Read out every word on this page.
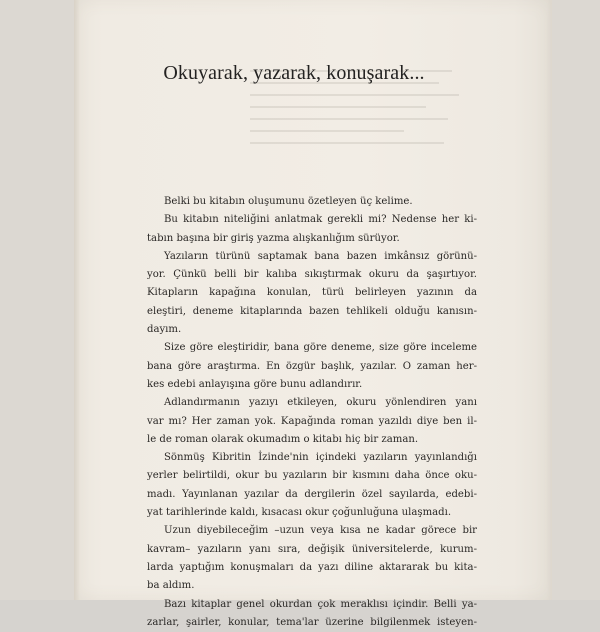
Okuyarak, yazarak, konuşarak...
Belki bu kitabın oluşumunu özetleyen üç kelime.
Bu kitabın niteliğini anlatmak gerekli mi? Nedense her ki-
tabın başına bir giriş yazma alışkanlığım sürüyor.
Yazıların türünü saptamak bana bazen imkânsız görünü-
yor. Çünkü belli bir kalıba sıkıştırmak okuru da şaşırtıyor.
Kitapların kapağına konulan, türü belirleyen yazının da
eleştiri, deneme kitaplarında bazen tehlikeli olduğu kanısın-
dayım.
Size göre eleştiridir, bana göre deneme, size göre inceleme
bana göre araştırma. En özgür başlık, yazılar. O zaman her-
kes edebi anlayışına göre bunu adlandırır.
Adlandırmanın yazıyı etkileyen, okuru yönlendiren yanı
var mı? Her zaman yok. Kapağında roman yazıldı diye ben il-
le de roman olarak okumadım o kitabı hiç bir zaman.
Sönmüş Kibritin İzinde'nin içindeki yazıların yayınlandığı
yerler belirtildi, okur bu yazıların bir kısmını daha önce oku-
madı. Yayınlanan yazılar da dergilerin özel sayılarda, edebi-
yat tarihlerinde kaldı, kısacası okur çoğunluğuna ulaşmadı.
Uzun diyebileceğim –uzun veya kısa ne kadar görece bir
kavram– yazıların yanı sıra, değişik üniversitelerde, kurum-
larda yaptığım konuşmaları da yazı diline aktararak bu kita-
ba aldım.
Bazı kitaplar genel okurdan çok meraklısı içindir. Belli ya-
zarlar, şairler, konular, tema'lar üzerine bilgilenmek isteyen-
